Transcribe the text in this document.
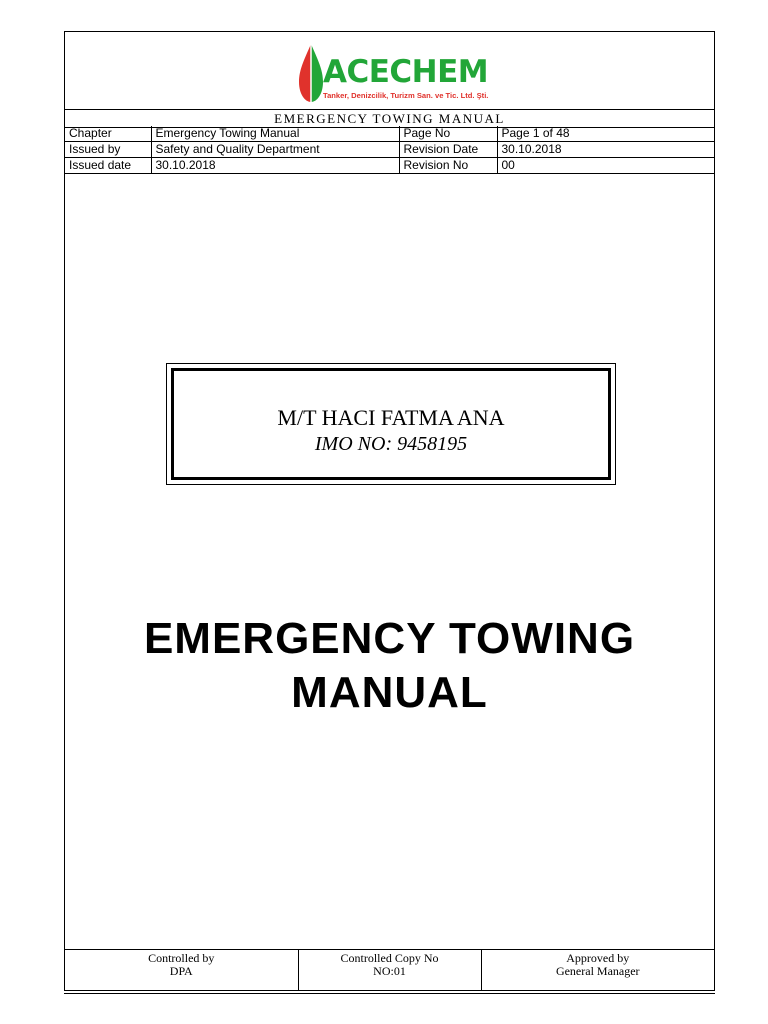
ACECHEM
Tanker, Denizcilik, Turizm San. ve Tic. Ltd. Şti.
EMERGENCY TOWING MANUAL
Chapter	Emergency Towing Manual	Page No	Page 1 of 48
Issued by	Safety and Quality Department	Revision Date	30.10.2018
Issued date	30.10.2018	Revision No	00
M/T HACI FATMA ANA
IMO NO: 9458195
EMERGENCY TOWING
MANUAL
Controlled by
DPA

Controlled Copy No
NO:01

Approved by
General Manager
